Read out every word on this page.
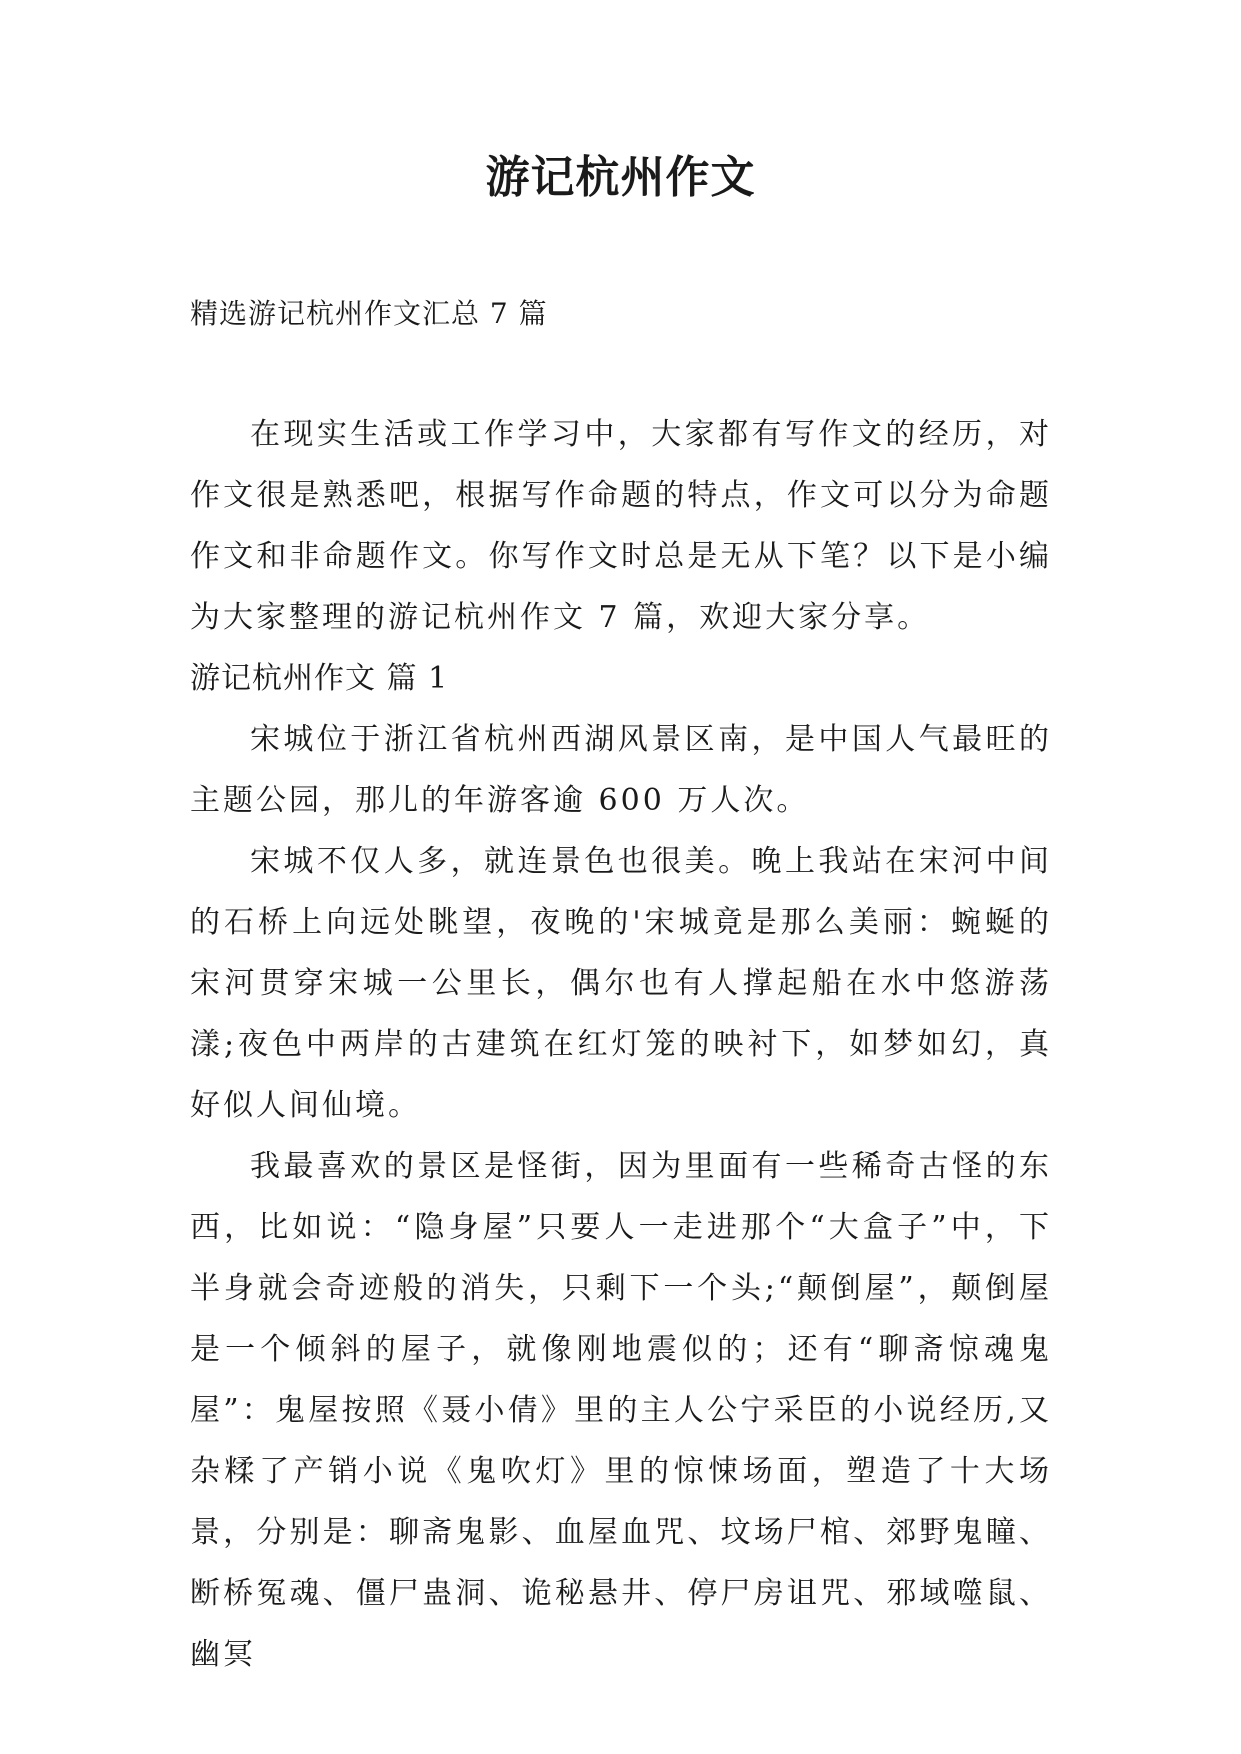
游记杭州作文
精选游记杭州作文汇总 7 篇

在现实生活或工作学习中，大家都有写作文的经历，对作文很是熟悉吧，根据写作命题的特点，作文可以分为命题作文和非命题作文。你写作文时总是无从下笔？以下是小编为大家整理的游记杭州作文 7 篇，欢迎大家分享。

游记杭州作文 篇 1

宋城位于浙江省杭州西湖风景区南，是中国人气最旺的主题公园，那儿的年游客逾 600 万人次。

宋城不仅人多，就连景色也很美。晚上我站在宋河中间的石桥上向远处眺望，夜晚的'宋城竟是那么美丽：蜿蜒的宋河贯穿宋城一公里长，偶尔也有人撑起船在水中悠游荡漾;夜色中两岸的古建筑在红灯笼的映衬下，如梦如幻，真好似人间仙境。

我最喜欢的景区是怪街，因为里面有一些稀奇古怪的东西，比如说：“隐身屋”只要人一走进那个“大盒子”中，下半身就会奇迹般的消失，只剩下一个头;“颠倒屋”，颠倒屋是一个倾斜的屋子，就像刚地震似的；还有“聊斋惊魂鬼屋”：鬼屋按照《聂小倩》里的主人公宁采臣的小说经历,又杂糅了产销小说《鬼吹灯》里的惊悚场面，塑造了十大场景，分别是：聊斋鬼影、血屋血咒、坟场尸棺、郊野鬼瞳、断桥冤魂、僵尸蛊洞、诡秘悬井、停尸房诅咒、邪域噬鼠、幽冥
